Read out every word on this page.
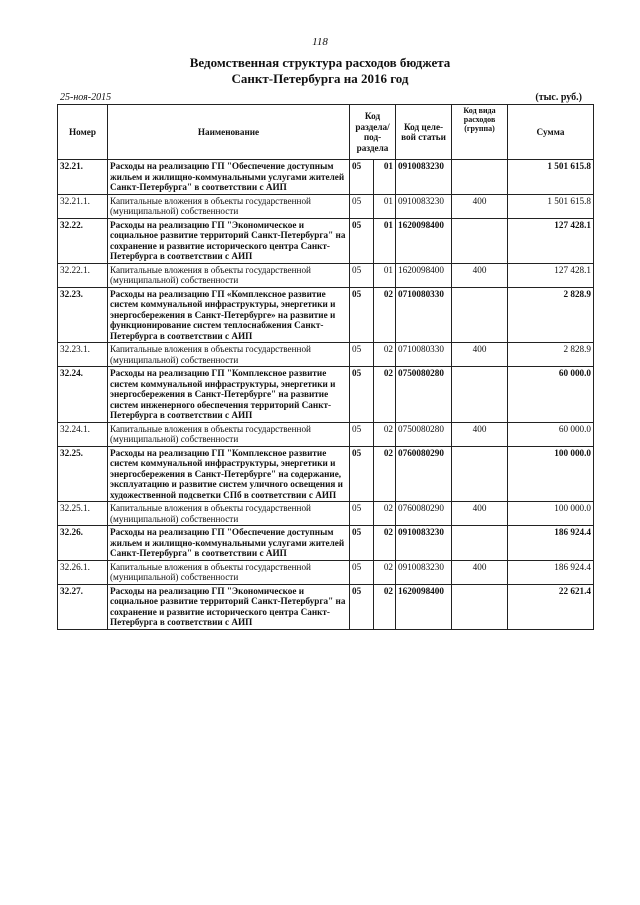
118
Ведомственная структура расходов бюджета
Санкт-Петербурга на 2016 год
25-ноя-2015	(тыс. руб.)
Номер	Наименование	Код раздела/ под- раздела		Код целе- вой статьи	Код вида расходов (группа)	Сумма
32.21.	Расходы на реализацию ГП "Обеспечение доступным жильем и жилищно-коммунальными услугами жителей Санкт-Петербурга" в соответствии с АИП	05	01	0910083230		1 501 615.8
32.21.1.	Капитальные вложения в объекты государственной (муниципальной) собственности	05	01	0910083230	400	1 501 615.8
32.22.	Расходы на реализацию ГП "Экономическое и социальное развитие территорий Санкт-Петербурга" на сохранение и развитие исторического центра Санкт-Петербурга в соответствии с АИП	05	01	1620098400		127 428.1
32.22.1.	Капитальные вложения в объекты государственной (муниципальной) собственности	05	01	1620098400	400	127 428.1
32.23.	Расходы на реализацию ГП «Комплексное развитие систем коммунальной инфраструктуры, энергетики и энергосбережения в Санкт-Петербурге» на развитие и функционирование систем теплоснабжения Санкт-Петербурга в соответствии с АИП	05	02	0710080330		2 828.9
32.23.1.	Капитальные вложения в объекты государственной (муниципальной) собственности	05	02	0710080330	400	2 828.9
32.24.	Расходы на реализацию ГП "Комплексное развитие систем коммунальной инфраструктуры, энергетики и энергосбережения в Санкт-Петербурге" на развитие систем инженерного обеспечения территорий Санкт-Петербурга в соответствии с АИП	05	02	0750080280		60 000.0
32.24.1.	Капитальные вложения в объекты государственной (муниципальной) собственности	05	02	0750080280	400	60 000.0
32.25.	Расходы на реализацию ГП "Комплексное развитие систем коммунальной инфраструктуры, энергетики и энергосбережения в Санкт-Петербурге" на содержание, эксплуатацию и развитие систем уличного освещения и художественной подсветки СПб в соответствии с АИП	05	02	0760080290		100 000.0
32.25.1.	Капитальные вложения в объекты государственной (муниципальной) собственности	05	02	0760080290	400	100 000.0
32.26.	Расходы на реализацию ГП "Обеспечение доступным жильем и жилищно-коммунальными услугами жителей Санкт-Петербурга" в соответствии с АИП	05	02	0910083230		186 924.4
32.26.1.	Капитальные вложения в объекты государственной (муниципальной) собственности	05	02	0910083230	400	186 924.4
32.27.	Расходы на реализацию ГП "Экономическое и социальное развитие территорий Санкт-Петербурга" на сохранение и развитие исторического центра Санкт-Петербурга в соответствии с АИП	05	02	1620098400		22 621.4
